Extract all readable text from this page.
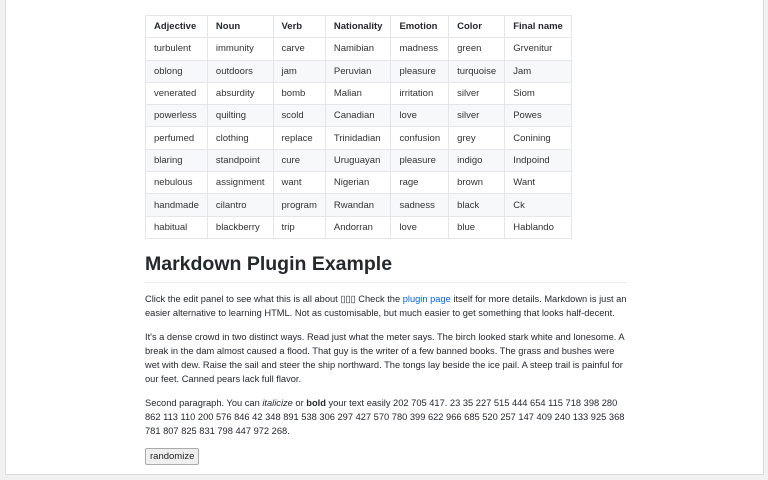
Adjective	Noun	Verb	Nationality	Emotion	Color	Final name
turbulent	immunity	carve	Namibian	madness	green	Grvenitur
oblong	outdoors	jam	Peruvian	pleasure	turquoise	Jam
venerated	absurdity	bomb	Malian	irritation	silver	Siom
powerless	quilting	scold	Canadian	love	silver	Powes
perfumed	clothing	replace	Trinidadian	confusion	grey	Conining
blaring	standpoint	cure	Uruguayan	pleasure	indigo	Indpoind
nebulous	assignment	want	Nigerian	rage	brown	Want
handmade	cilantro	program	Rwandan	sadness	black	Ck
habitual	blackberry	trip	Andorran	love	blue	Hablando
Markdown Plugin Example

Click the edit panel to see what this is all about ▯▯▯ Check the plugin page itself for more details. Markdown is just an easier alternative to learning HTML. Not as customisable, but much easier to get something that looks half-decent.

It's a dense crowd in two distinct ways. Read just what the meter says. The birch looked stark white and lonesome. A break in the dam almost caused a flood. That guy is the writer of a few banned books. The grass and bushes were wet with dew. Raise the sail and steer the ship northward. The tongs lay beside the ice pail. A steep trail is painful for our feet. Canned pears lack full flavor.

Second paragraph. You can italicize or bold your text easily 202 705 417. 23 35 227 515 444 654 115 718 398 280 862 113 110 200 576 846 42 348 891 538 306 297 427 570 780 399 622 966 685 520 257 147 409 240 133 925 368 781 807 825 831 798 447 972 268.

randomize
